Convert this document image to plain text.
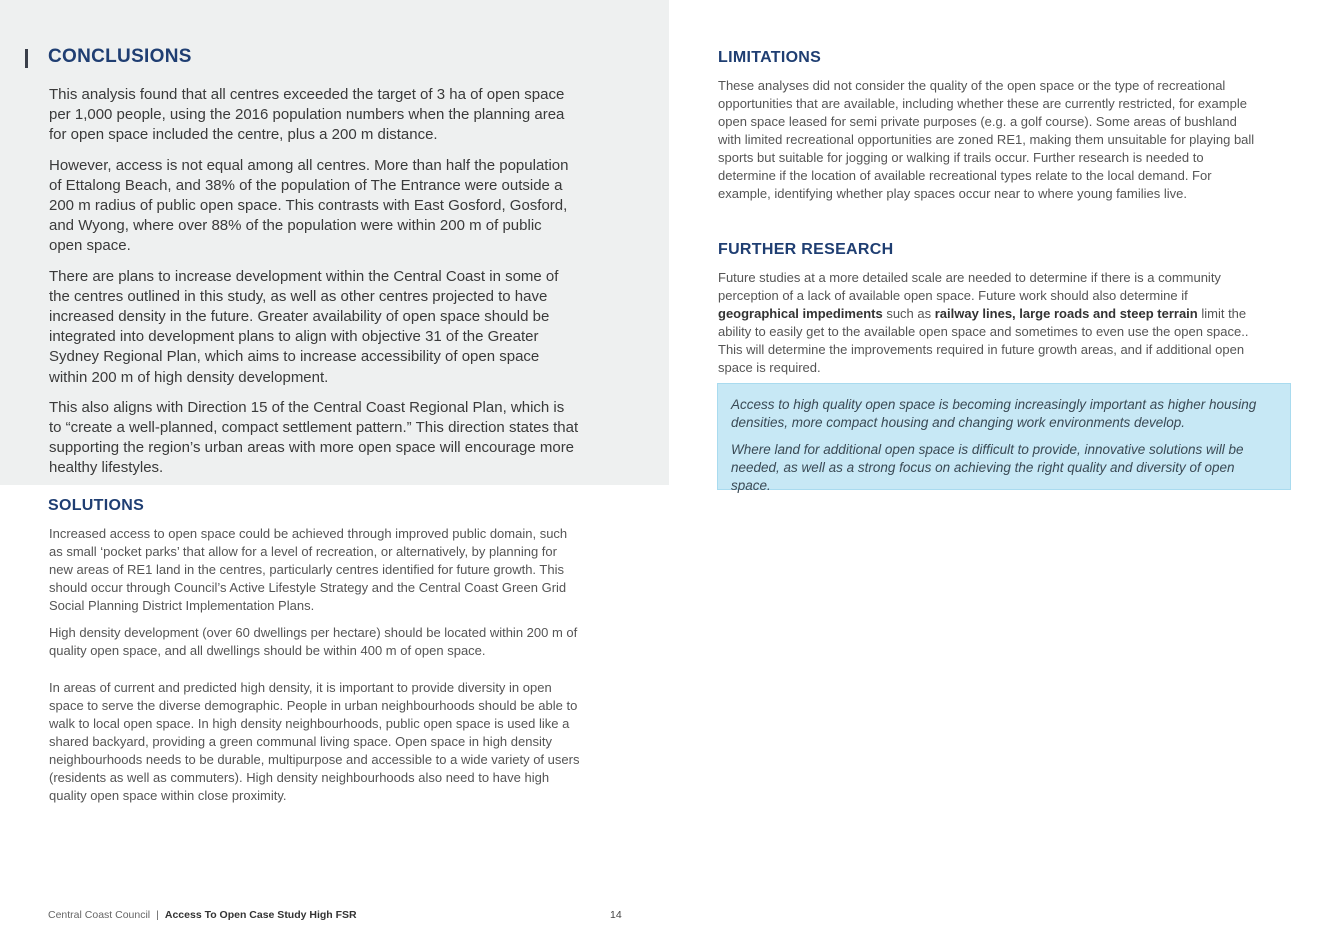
CONCLUSIONS

This analysis found that all centres exceeded the target of 3 ha of open space per 1,000 people, using the 2016 population numbers when the planning area for open space included the centre, plus a 200 m distance.

However, access is not equal among all centres. More than half the population of Ettalong Beach, and 38% of the population of The Entrance were outside a 200 m radius of public open space. This contrasts with East Gosford, Gosford, and Wyong, where over 88% of the population were within 200 m of public open space.

There are plans to increase development within the Central Coast in some of the centres outlined in this study, as well as other centres projected to have increased density in the future. Greater availability of open space should be integrated into development plans to align with objective 31 of the Greater Sydney Regional Plan, which aims to increase accessibility of open space within 200 m of high density development.

This also aligns with Direction 15 of the Central Coast Regional Plan, which is to “create a well-planned, compact settlement pattern.” This direction states that supporting the region’s urban areas with more open space will encourage more healthy lifestyles.

SOLUTIONS

Increased access to open space could be achieved through improved public domain, such as small ‘pocket parks’ that allow for a level of recreation, or alternatively, by planning for new areas of RE1 land in the centres, particularly centres identified for future growth. This should occur through Council’s Active Lifestyle Strategy and the Central Coast Green Grid Social Planning District Implementation Plans.

High density development (over 60 dwellings per hectare) should be located within 200 m of quality open space, and all dwellings should be within 400 m of open space.

In areas of current and predicted high density, it is important to provide diversity in open space to serve the diverse demographic. People in urban neighbourhoods should be able to walk to local open space. In high density neighbourhoods, public open space is used like a shared backyard, providing a green communal living space. Open space in high density neighbourhoods needs to be durable, multipurpose and accessible to a wide variety of users (residents as well as commuters). High density neighbourhoods also need to have high quality open space within close proximity.

LIMITATIONS

These analyses did not consider the quality of the open space or the type of recreational opportunities that are available, including whether these are currently restricted, for example open space leased for semi private purposes (e.g. a golf course). Some areas of bushland with limited recreational opportunities are zoned RE1, making them unsuitable for playing ball sports but suitable for jogging or walking if trails occur. Further research is needed to determine if the location of available recreational types relate to the local demand. For example, identifying whether play spaces occur near to where young families live.

FURTHER RESEARCH

Future studies at a more detailed scale are needed to determine if there is a community perception of a lack of available open space. Future work should also determine if geographical impediments such as railway lines, large roads and steep terrain limit the ability to easily get to the available open space and sometimes to even use the open space.. This will determine the improvements required in future growth areas, and if additional open space is required.

Access to high quality open space is becoming increasingly important as higher housing densities, more compact housing and changing work environments develop.

Where land for additional open space is difficult to provide, innovative solutions will be needed, as well as a strong focus on achieving the right quality and diversity of open space.

Central Coast Council | Access To Open Case Study High FSR	14
